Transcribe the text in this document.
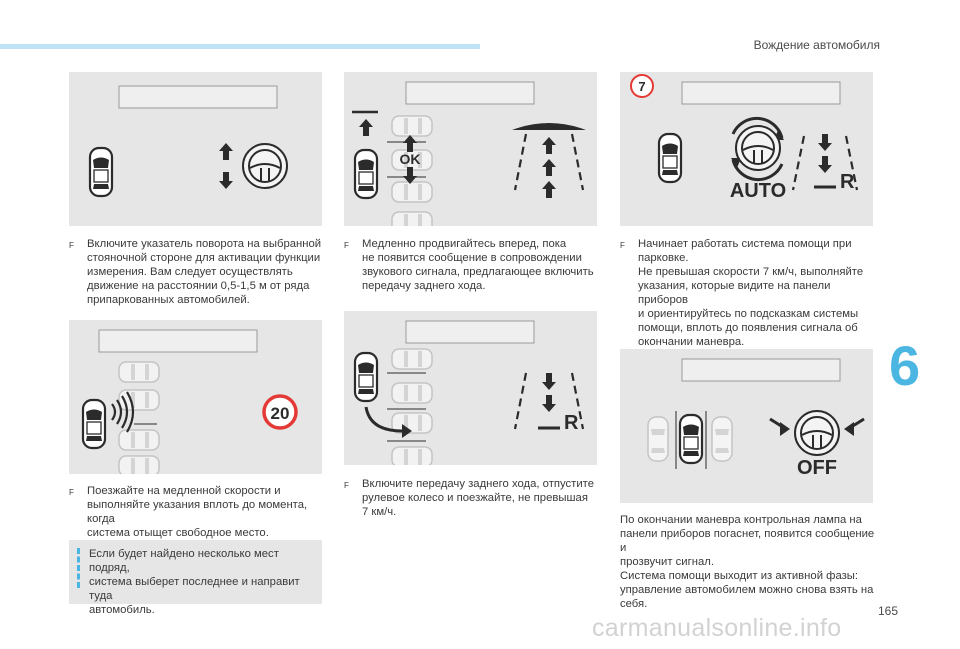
Вождение автомобиля
6
F	Включите указатель поворота на выбранной
стояночной стороне для активации функции
измерения. Вам следует осуществлять
движение на расстоянии 0,5-1,5 м от ряда
припаркованных автомобилей.
20
F	Поезжайте на медленной скорости и
выполняйте указания вплоть до момента, когда
система отыщет свободное место.
Если будет найдено несколько мест подряд,
система выберет последнее и направит туда
автомобиль.
OK
F	Медленно продвигайтесь вперед, пока
не появится сообщение в сопровождении
звукового сигнала, предлагающее включить
передачу заднего хода.
R
F	Включите передачу заднего хода, отпустите
рулевое колесо и поезжайте, не превышая
7 км/ч.
7
AUTO	R
F	Начинает работать система помощи при
парковке.
Не превышая скорости 7 км/ч, выполняйте
указания, которые видите на панели приборов
и ориентируйтесь по подсказкам системы
помощи, вплоть до появления сигнала об
окончании маневра.
OFF
По окончании маневра контрольная лампа на
панели приборов погаснет, появится сообщение и
прозвучит сигнал.
Система помощи выходит из активной фазы:
управление автомобилем можно снова взять на
себя.	165
carmanualsonline.info
